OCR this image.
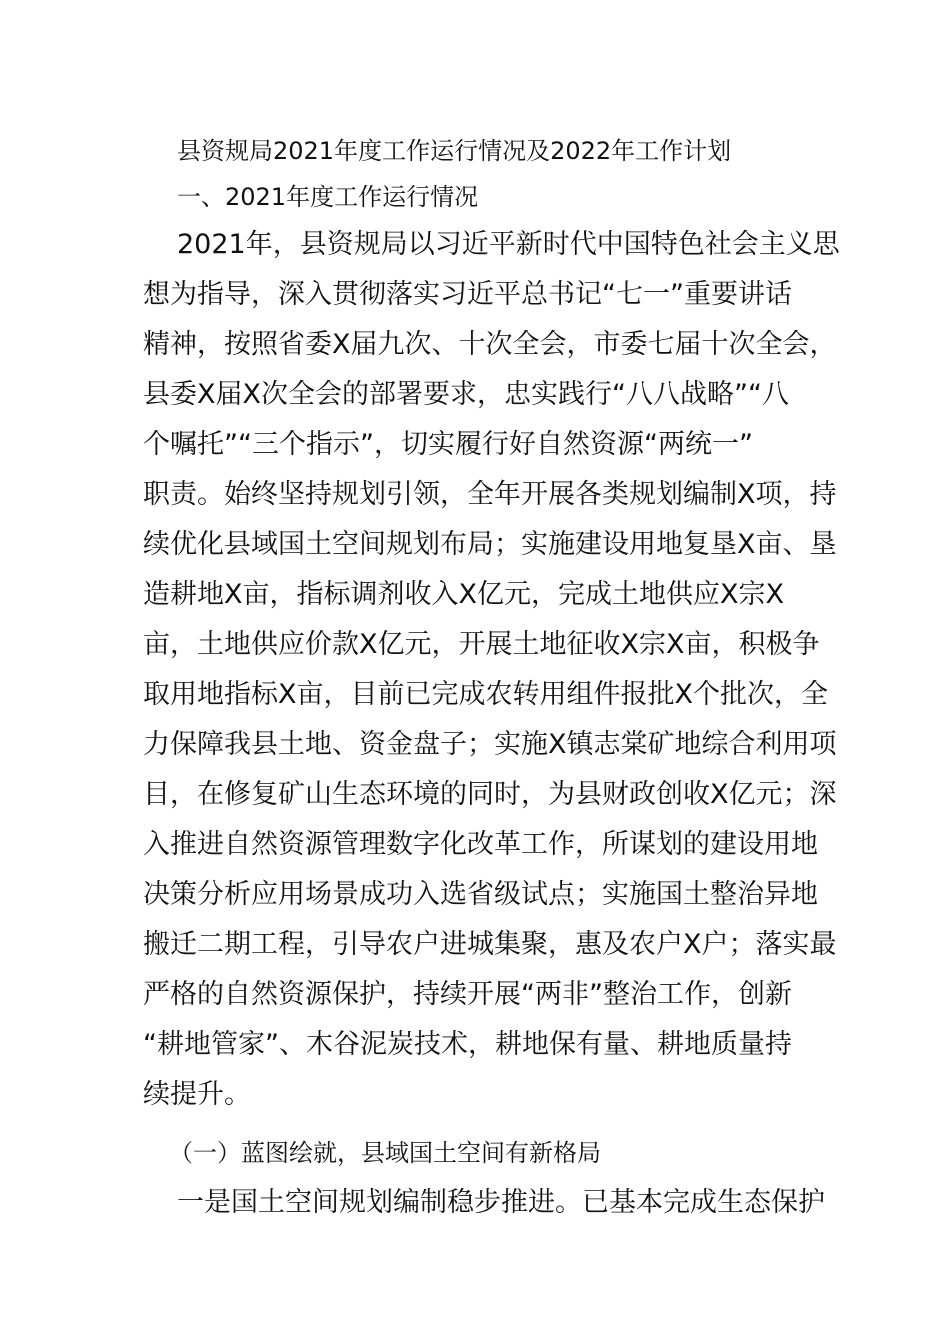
县资规局2021年度工作运行情况及2022年工作计划
一、2021年度工作运行情况
2021年，县资规局以习近平新时代中国特色社会主义思
想为指导，深入贯彻落实习近平总书记“七一”重要讲话
精神，按照省委X届九次、十次全会，市委七届十次全会，
县委X届X次全会的部署要求，忠实践行“八八战略”“八
个嘱托”“三个指示”，切实履行好自然资源“两统一”
职责。始终坚持规划引领，全年开展各类规划编制X项，持
续优化县域国土空间规划布局；实施建设用地复垦X亩、垦
造耕地X亩，指标调剂收入X亿元，完成土地供应X宗X
亩，土地供应价款X亿元，开展土地征收X宗X亩，积极争
取用地指标X亩，目前已完成农转用组件报批X个批次，全
力保障我县土地、资金盘子；实施X镇志棠矿地综合利用项
目，在修复矿山生态环境的同时，为县财政创收X亿元；深
入推进自然资源管理数字化改革工作，所谋划的建设用地
决策分析应用场景成功入选省级试点；实施国土整治异地
搬迁二期工程，引导农户进城集聚，惠及农户X户；落实最
严格的自然资源保护，持续开展“两非”整治工作，创新
“耕地管家”、木谷泥炭技术，耕地保有量、耕地质量持
续提升。
（一）蓝图绘就，县域国土空间有新格局
一是国土空间规划编制稳步推进。已基本完成生态保护
